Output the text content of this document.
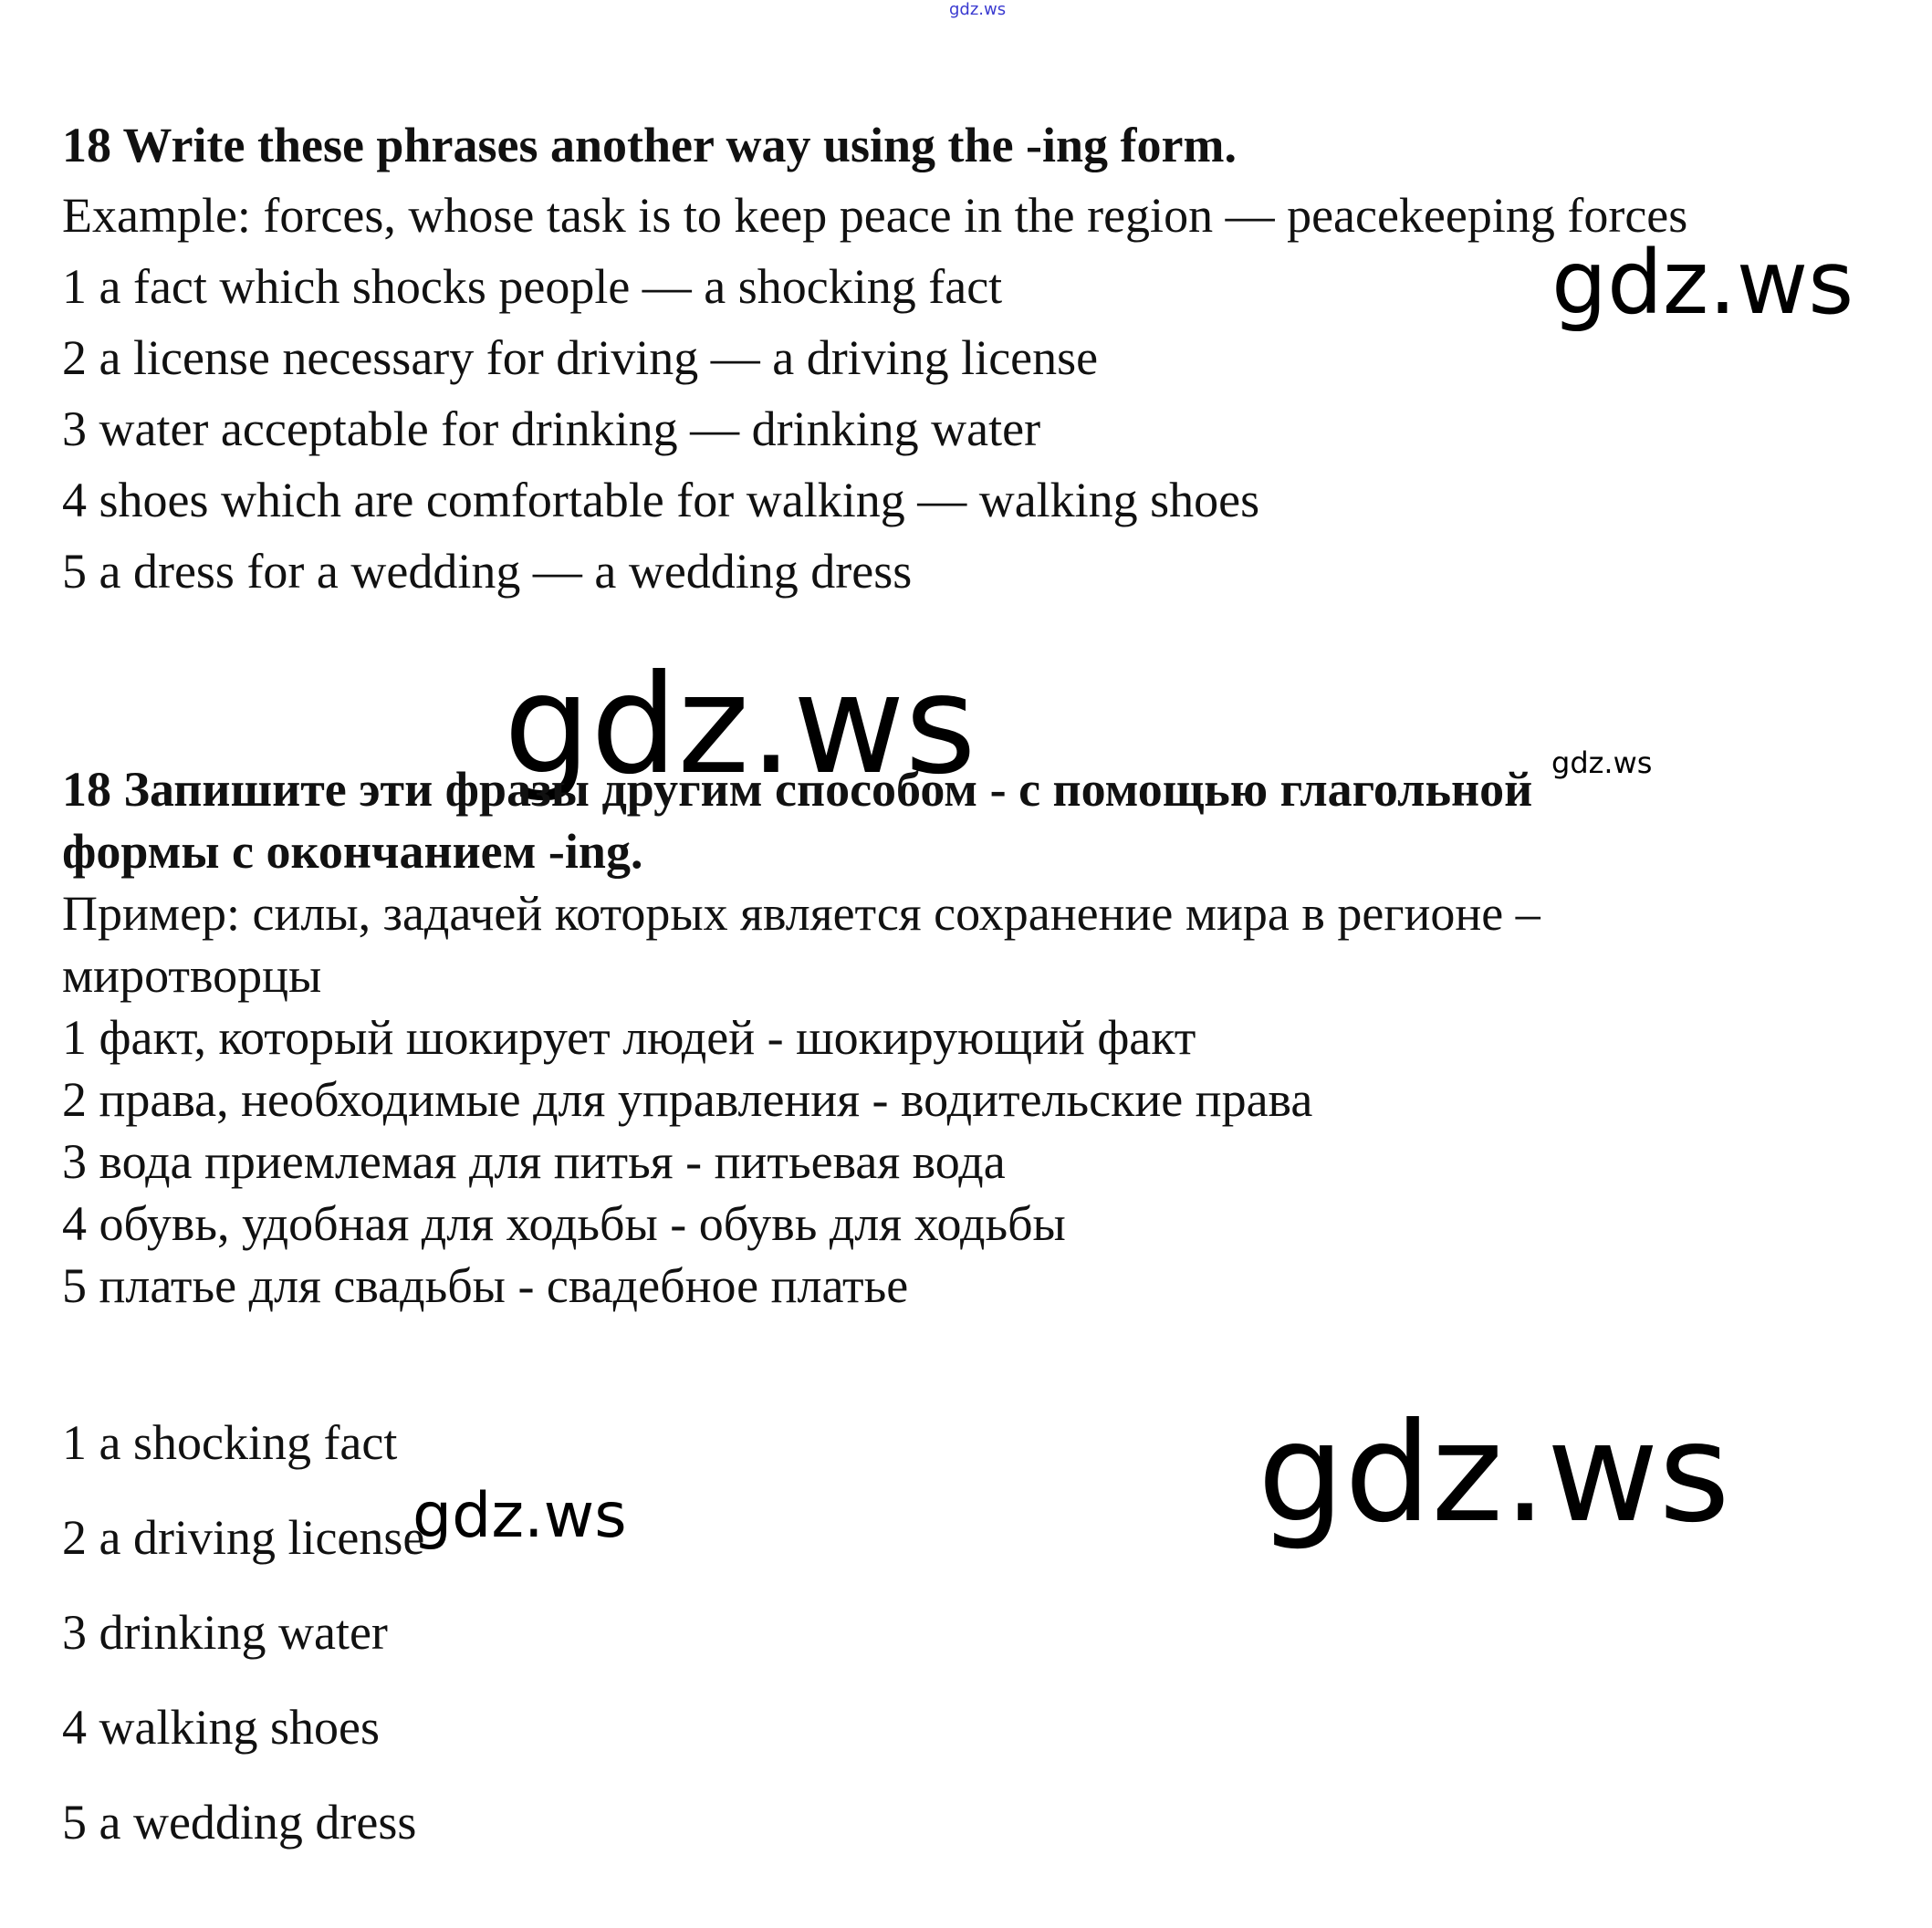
gdz.ws
gdz.ws
gdz.ws	gdz.ws
18 Write these phrases another way using the -ing form.
Example: forces, whose task is to keep peace in the region — peacekeeping forces
1 a fact which shocks people — a shocking fact
2 a license necessary for driving — a driving license
3 water acceptable for drinking — drinking water
4 shoes which are comfortable for walking — walking shoes
5 a dress for a wedding — a wedding dress
18 Запишите эти фразы другим способом - с помощью глагольной
формы с окончанием -ing.
Пример: силы, задачей которых является сохранение мира в регионе –
миротворцы
1 факт, который шокирует людей - шокирующий факт
2 права, необходимые для управления - водительские права
3 вода приемлемая для питья - питьевая вода
4 обувь, удобная для ходьбы - обувь для ходьбы
5 платье для свадьбы - свадебное платье
1 a shocking fact
2 a driving license
3 drinking water
4 walking shoes
5 a wedding dress
gdz.ws	gdz.ws
